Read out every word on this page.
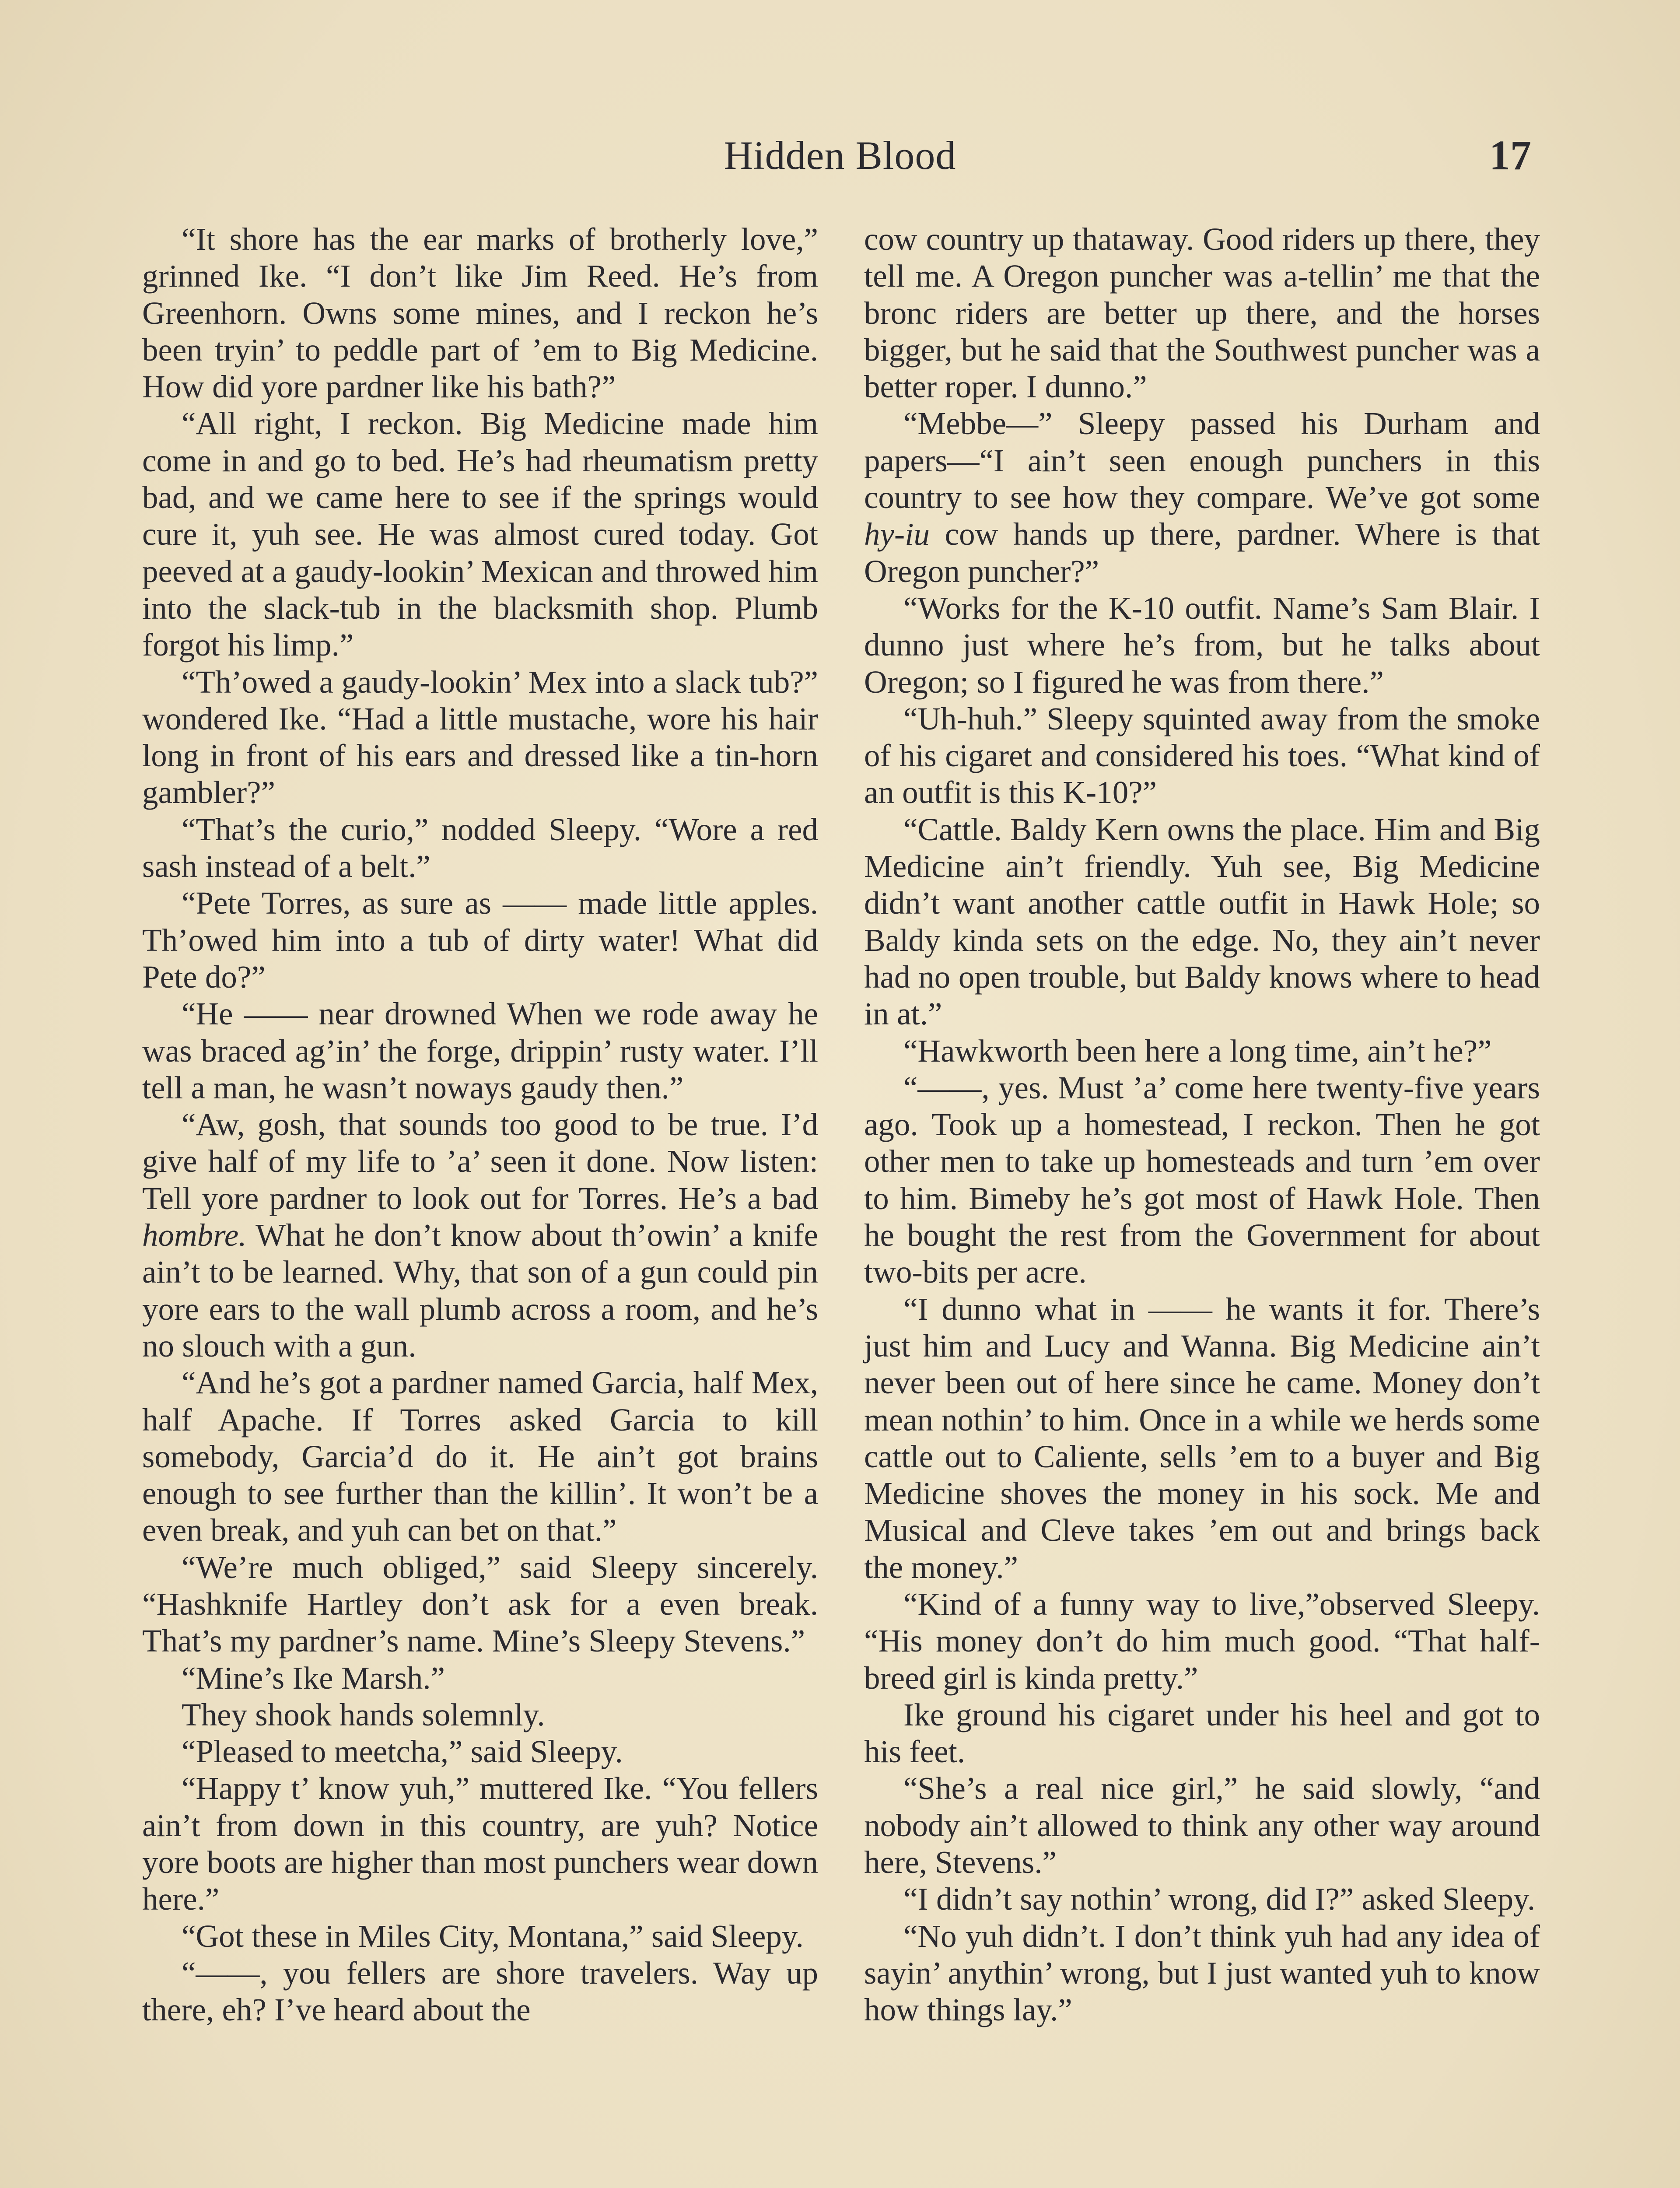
Hidden Blood	17

“It shore has the ear marks of brotherly love,” grinned Ike. “I don’t like Jim Reed. He’s from Greenhorn. Owns some mines, and I reckon he’s been tryin’ to peddle part of ’em to Big Medicine. How did yore pardner like his bath?”

“All right, I reckon. Big Medicine made him come in and go to bed. He’s had rheumatism pretty bad, and we came here to see if the springs would cure it, yuh see. He was almost cured today. Got peeved at a gaudy-lookin’ Mexican and throwed him into the slack-tub in the blacksmith shop. Plumb forgot his limp.”

“Th’owed a gaudy-lookin’ Mex into a slack tub?” wondered Ike. “Had a little mustache, wore his hair long in front of his ears and dressed like a tin-horn gambler?”

“That’s the curio,” nodded Sleepy. “Wore a red sash instead of a belt.”

“Pete Torres, as sure as —— made little apples. Th’owed him into a tub of dirty water! What did Pete do?”

“He —— near drowned When we rode away he was braced ag’in’ the forge, drippin’ rusty water. I’ll tell a man, he wasn’t noways gaudy then.”

“Aw, gosh, that sounds too good to be true. I’d give half of my life to ’a’ seen it done. Now listen: Tell yore pardner to look out for Torres. He’s a bad hombre. What he don’t know about th’owin’ a knife ain’t to be learned. Why, that son of a gun could pin yore ears to the wall plumb across a room, and he’s no slouch with a gun.

“And he’s got a pardner named Garcia, half Mex, half Apache. If Torres asked Garcia to kill somebody, Garcia’d do it. He ain’t got brains enough to see further than the killin’. It won’t be a even break, and yuh can bet on that.”

“We’re much obliged,” said Sleepy sincerely. “Hashknife Hartley don’t ask for a even break. That’s my pardner’s name. Mine’s Sleepy Stevens.”

“Mine’s Ike Marsh.”

They shook hands solemnly.

“Pleased to meetcha,” said Sleepy.

“Happy t’ know yuh,” muttered Ike. “You fellers ain’t from down in this country, are yuh? Notice yore boots are higher than most punchers wear down here.”

“Got these in Miles City, Montana,” said Sleepy.

“——, you fellers are shore travelers. Way up there, eh? I’ve heard about the

cow country up thataway. Good riders up there, they tell me. A Oregon puncher was a-tellin’ me that the bronc riders are better up there, and the horses bigger, but he said that the Southwest puncher was a better roper. I dunno.”

“Mebbe—” Sleepy passed his Durham and papers—“I ain’t seen enough punchers in this country to see how they compare. We’ve got some hy-iu cow hands up there, pardner. Where is that Oregon puncher?”

“Works for the K-10 outfit. Name’s Sam Blair. I dunno just where he’s from, but he talks about Oregon; so I figured he was from there.”

“Uh-huh.” Sleepy squinted away from the smoke of his cigaret and considered his toes. “What kind of an outfit is this K-10?”

“Cattle. Baldy Kern owns the place. Him and Big Medicine ain’t friendly. Yuh see, Big Medicine didn’t want another cattle outfit in Hawk Hole; so Baldy kinda sets on the edge. No, they ain’t never had no open trouble, but Baldy knows where to head in at.”

“Hawkworth been here a long time, ain’t he?”

“——, yes. Must ’a’ come here twenty-five years ago. Took up a homestead, I reckon. Then he got other men to take up homesteads and turn ’em over to him. Bimeby he’s got most of Hawk Hole. Then he bought the rest from the Government for about two-bits per acre.

“I dunno what in —— he wants it for. There’s just him and Lucy and Wanna. Big Medicine ain’t never been out of here since he came. Money don’t mean nothin’ to him. Once in a while we herds some cattle out to Caliente, sells ’em to a buyer and Big Medicine shoves the money in his sock. Me and Musical and Cleve takes ’em out and brings back the money.”

“Kind of a funny way to live,”observed Sleepy. “His money don’t do him much good. “That half-breed girl is kinda pretty.”

Ike ground his cigaret under his heel and got to his feet.

“She’s a real nice girl,” he said slowly, “and nobody ain’t allowed to think any other way around here, Stevens.”

“I didn’t say nothin’ wrong, did I?” asked Sleepy.

“No yuh didn’t. I don’t think yuh had any idea of sayin’ anythin’ wrong, but I just wanted yuh to know how things lay.”
